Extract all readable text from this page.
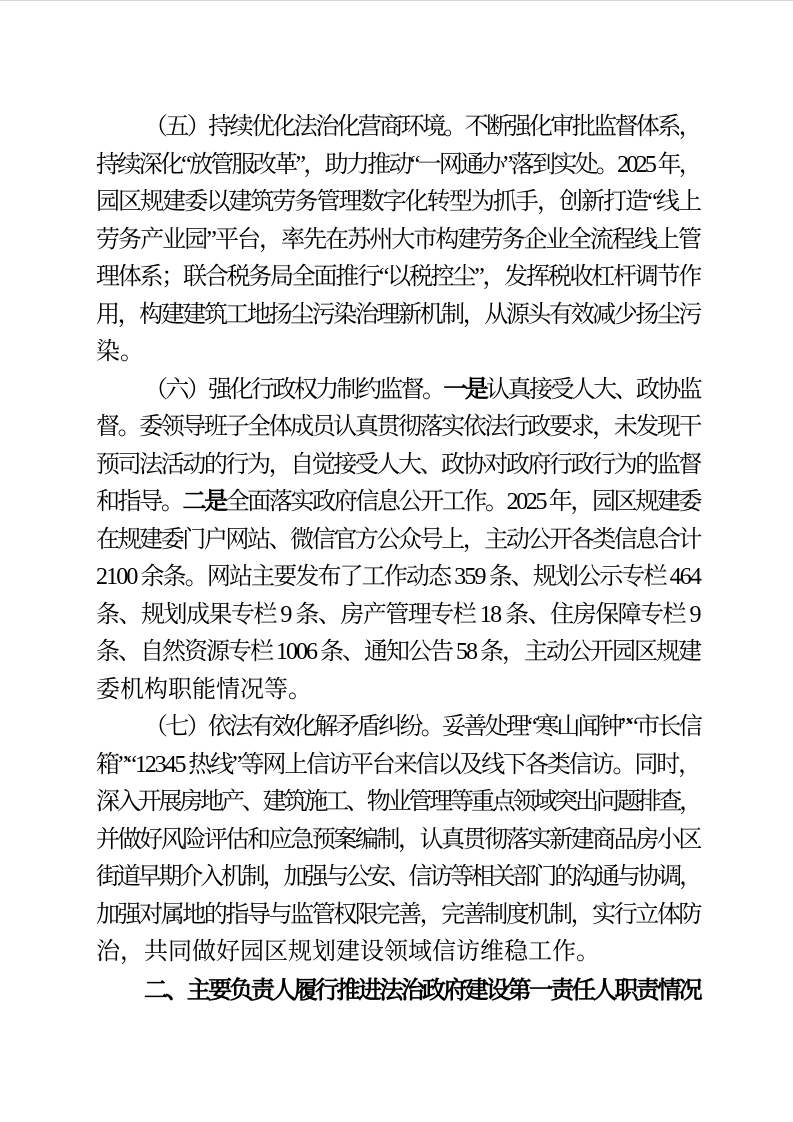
（五）持续优化法治化营商环境。不断强化审批监督体系，
持续深化“放管服改革”，助力推动“一网通办”落到实处。2025 年，
园区规建委以建筑劳务管理数字化转型为抓手，创新打造“线上
劳务产业园”平台，率先在苏州大市构建劳务企业全流程线上管
理体系；联合税务局全面推行“以税控尘”，发挥税收杠杆调节作
用，构建建筑工地扬尘污染治理新机制，从源头有效减少扬尘污
染。
（六）强化行政权力制约监督。一是认真接受人大、政协监
督。委领导班子全体成员认真贯彻落实依法行政要求，未发现干
预司法活动的行为，自觉接受人大、政协对政府行政行为的监督
和指导。二是全面落实政府信息公开工作。2025 年，园区规建委
在规建委门户网站、微信官方公众号上，主动公开各类信息合计
2100 余条。网站主要发布了工作动态 359 条、规划公示专栏 464
条、规划成果专栏 9 条、房产管理专栏 18 条、住房保障专栏 9
条、自然资源专栏 1006 条、通知公告 58 条，主动公开园区规建
委机构职能情况等。
（七）依法有效化解矛盾纠纷。妥善处理“寒山闻钟”“市长信
箱”“12345 热线”等网上信访平台来信以及线下各类信访。同时，
深入开展房地产、建筑施工、物业管理等重点领域突出问题排查，
并做好风险评估和应急预案编制，认真贯彻落实新建商品房小区
街道早期介入机制，加强与公安、信访等相关部门的沟通与协调，
加强对属地的指导与监管权限完善，完善制度机制，实行立体防
治，共同做好园区规划建设领域信访维稳工作。
二、主要负责人履行推进法治政府建设第一责任人职责情况
